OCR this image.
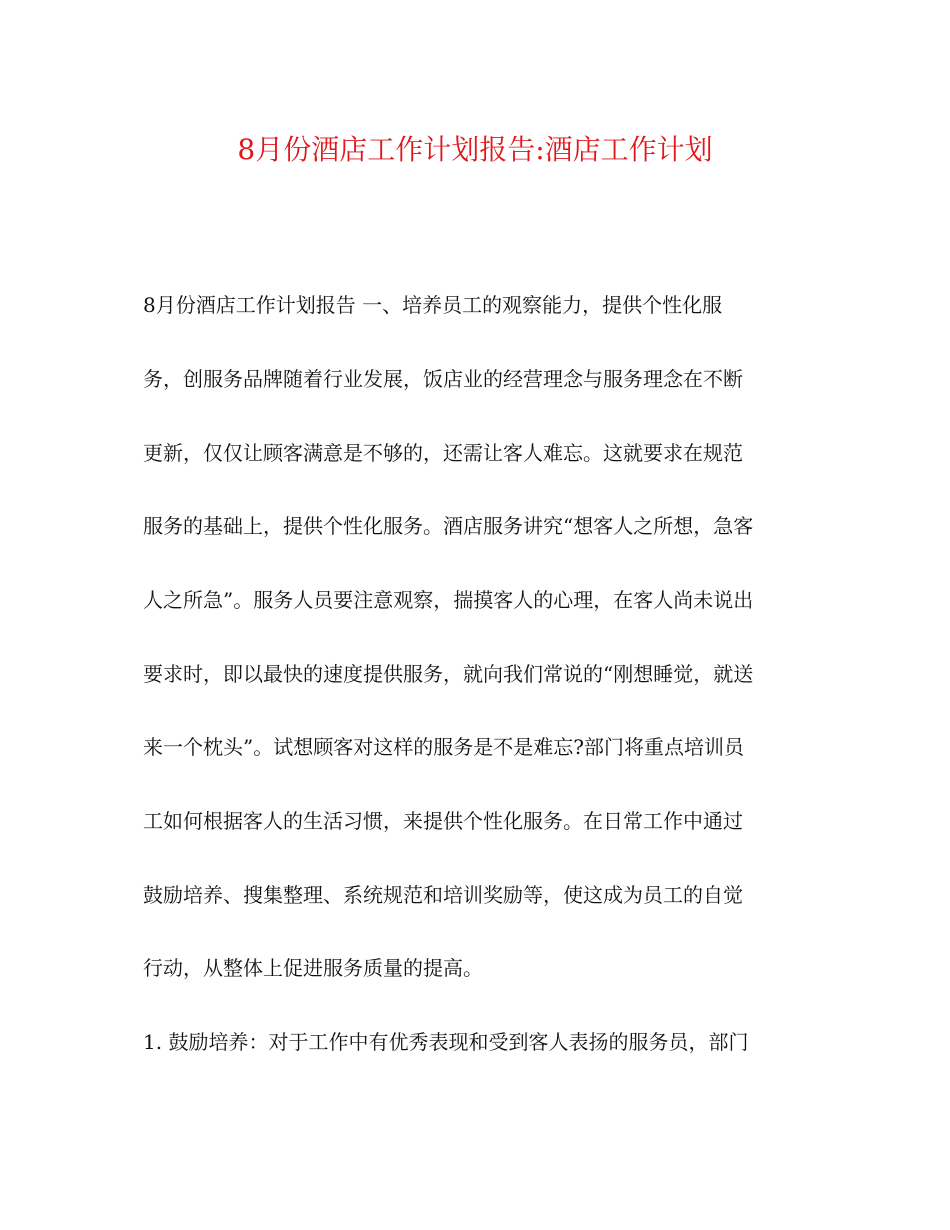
8月份酒店工作计划报告:酒店工作计划
8月份酒店工作计划报告 一、培养员工的观察能力，提供个性化服
务，创服务品牌随着行业发展，饭店业的经营理念与服务理念在不断
更新，仅仅让顾客满意是不够的，还需让客人难忘。这就要求在规范
服务的基础上，提供个性化服务。酒店服务讲究“想客人之所想，急客
人之所急”。服务人员要注意观察，揣摸客人的心理，在客人尚未说出
要求时，即以最快的速度提供服务，就向我们常说的“刚想睡觉，就送
来一个枕头”。试想顾客对这样的服务是不是难忘?部门将重点培训员
工如何根据客人的生活习惯，来提供个性化服务。在日常工作中通过
鼓励培养、搜集整理、系统规范和培训奖励等，使这成为员工的自觉
行动，从整体上促进服务质量的提高。
1. 鼓励培养：对于工作中有优秀表现和受到客人表扬的服务员，部门
